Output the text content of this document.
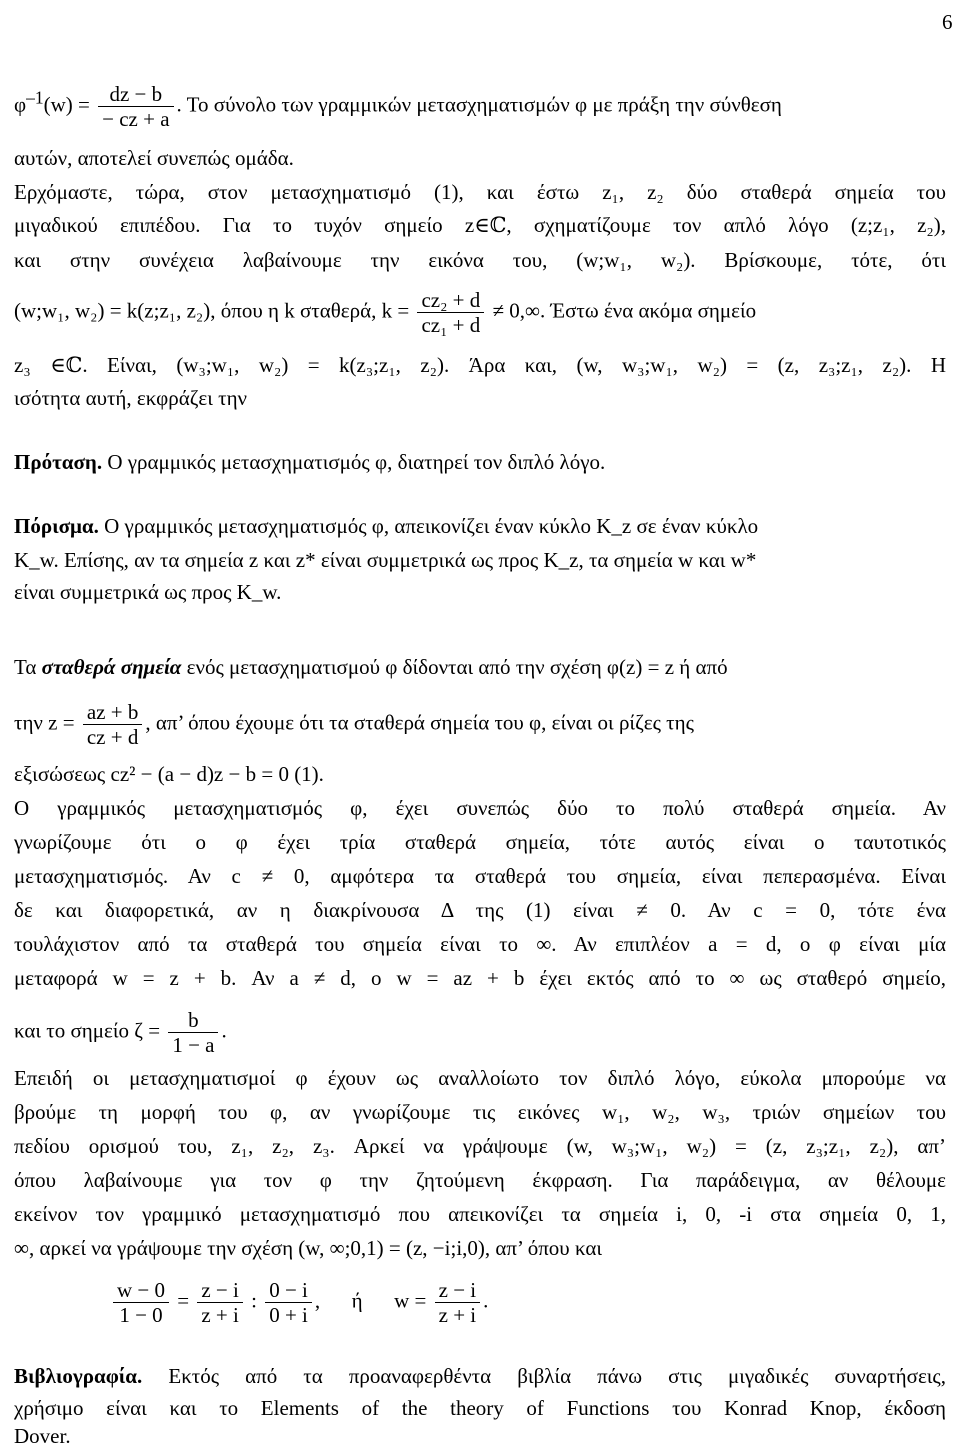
6
$\varphi^{-1}(w) = \frac{dz - b}{- cz + a}$ . Το σύνολο των γραμμικών μετασχηματισμών φ με πράξη την σύνθεση
αυτών, αποτελεί συνεπώς ομάδα.
Ερχόμαστε, τώρα, στον μετασχηματισμό (1), και έστω z₁, z₂ δύο σταθερά σημεία του
μιγαδικού επιπέδου. Για το τυχόν σημείο z∈ℂ, σχηματίζουμε τον απλό λόγο (z;z₁, z₂),
και στην συνέχεια λαβαίνουμε την εικόνα του, (w;w₁, w₂). Βρίσκουμε, τότε, ότι
(w;w₁, w₂) = k(z;z₁, z₂), όπου η k σταθερά, $k = \frac{\text{cz₂ + d}}{\text{cz₁ + d}} \ne 0,\infty$. Έστω ένα ακόμα σημείο
z₃ ∈ℂ. Είναι, (w₃;w₁, w₂) = k(z₃;z₁, z₂). Άρα και, (w, w₃;w₁, w₂) = (z, z₃;z₁, z₂). Η
ισότητα αυτή, εκφράζει την
Πρόταση. Ο γραμμικός μετασχηματισμός φ, διατηρεί τον διπλό λόγο.
Πόρισμα. Ο γραμμικός μετασχηματισμός φ, απεικονίζει έναν κύκλο K_z σε έναν κύκλο
K_w. Επίσης, αν τα σημεία z και z* είναι συμμετρικά ως προς K_z, τα σημεία w και w*
είναι συμμετρικά ως προς K_w.
Τα σταθερά σημεία ενός μετασχηματισμού φ δίδονται από την σχέση φ(z) = z ή από
την $z = \frac{az + b}{cz + d}$ , απ’ όπου έχουμε ότι τα σταθερά σημεία του φ, είναι οι ρίζες της
εξισώσεως cz² − (a − d)z − b = 0 (1).
Ο γραμμικός μετασχηματισμός φ, έχει συνεπώς δύο το πολύ σταθερά σημεία. Αν
γνωρίζουμε ότι ο φ έχει τρία σταθερά σημεία, τότε αυτός είναι ο ταυτοτικός
μετασχηματισμός. Αν c ≠ 0, αμφότερα τα σταθερά του σημεία, είναι πεπερασμένα. Είναι
δε και διαφορετικά, αν η διακρίνουσα Δ της (1) είναι ≠ 0. Αν c = 0, τότε ένα
τουλάχιστον από τα σταθερά του σημεία είναι το ∞. Αν επιπλέον a = d, ο φ είναι μία
μεταφορά w = z + b. Αν a ≠ d, ο w = az + b έχει εκτός από το ∞ ως σταθερό σημείο,
και το σημείο $\zeta = \frac{b}{1 - a}$ .
Επειδή οι μετασχηματισμοί φ έχουν ως αναλλοίωτο τον διπλό λόγο, εύκολα μπορούμε να
βρούμε τη μορφή του φ, αν γνωρίζουμε τις εικόνες w₁, w₂, w₃, τριών σημείων του
πεδίου ορισμού του, z₁, z₂, z₃. Αρκεί να γράψουμε (w, w₃;w₁, w₂) = (z, z₃;z₁, z₂), απ’
όπου λαβαίνουμε για τον φ την ζητούμενη έκφραση. Για παράδειγμα, αν θέλουμε
εκείνον τον γραμμικό μετασχηματισμό που απεικονίζει τα σημεία i, 0, -i στα σημεία 0, 1,
∞, αρκεί να γράψουμε την σχέση (w, ∞;0,1) = (z, −i;i,0), απ’ όπου και
$\frac{w - 0}{1 - 0} = \frac{z - i}{z + i}$ : $\frac{0 - i}{0 + i}$ ,      ή      $w = \frac{z - i}{z + i}$ .
Βιβλιογραφία. Εκτός από τα προαναφερθέντα βιβλία πάνω στις μιγαδικές συναρτήσεις,
χρήσιμο είναι και το Elements of the theory of Functions του Konrad Knop, έκδοση
Dover.
